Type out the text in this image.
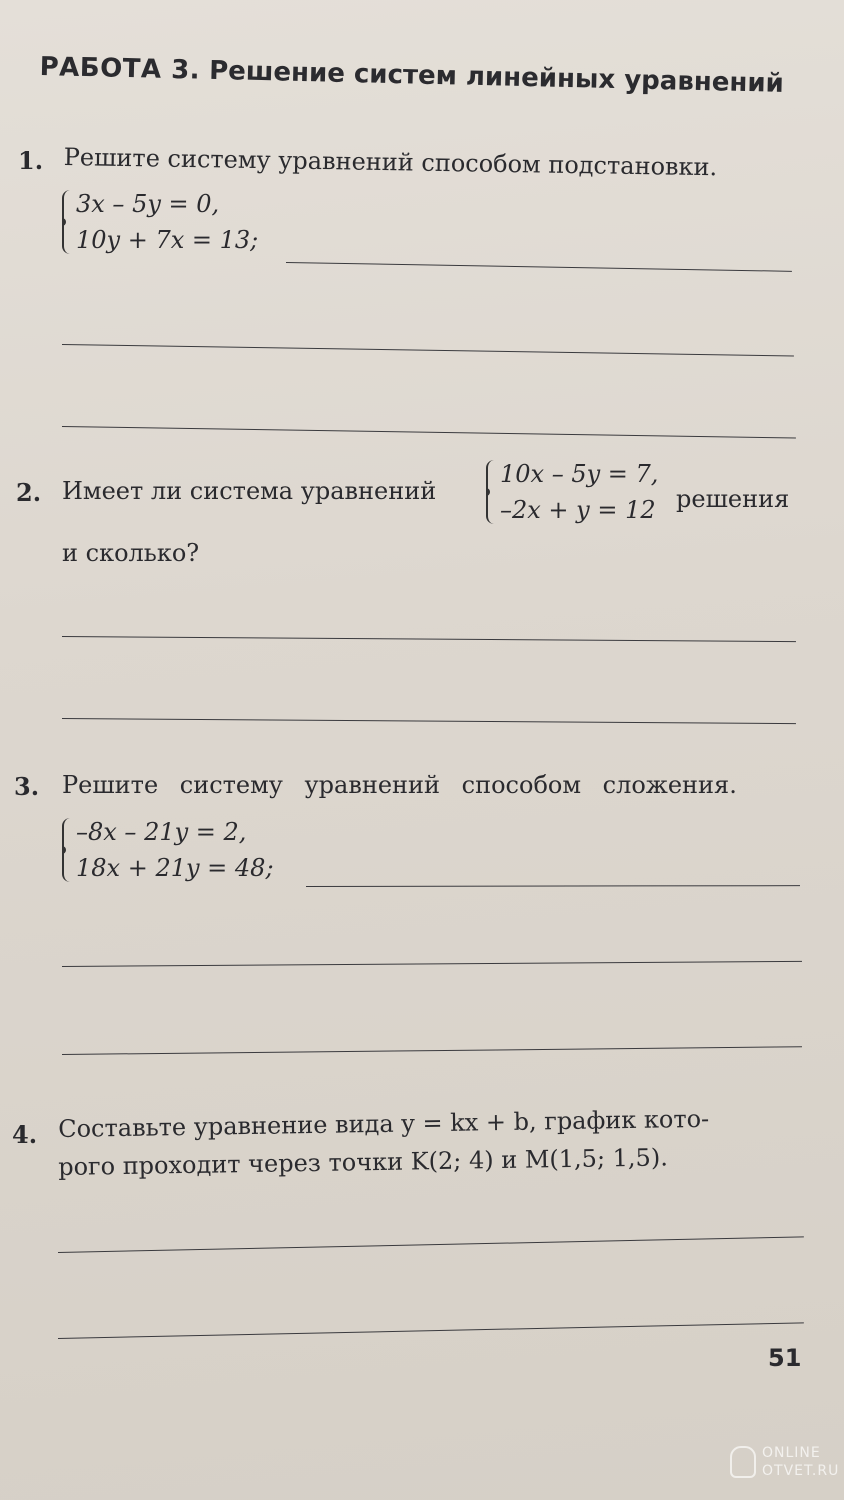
РАБОТА 3. Решение систем линейных уравнений
1. Решите систему уравнений способом подстановки.
3x – 5y = 0,
10y + 7x = 13;
2. Имеет ли система уравнений
10x – 5y = 7,
–2x + y = 12 решения
и сколько?
3. Решите систему уравнений способом сложения.
–8x – 21y = 2,
18x + 21y = 48;
4. Составьте уравнение вида y = kx + b, график кото-
рого проходит через точки K(2; 4) и M(1,5; 1,5).
51
ONLINE
OTVET.RU
